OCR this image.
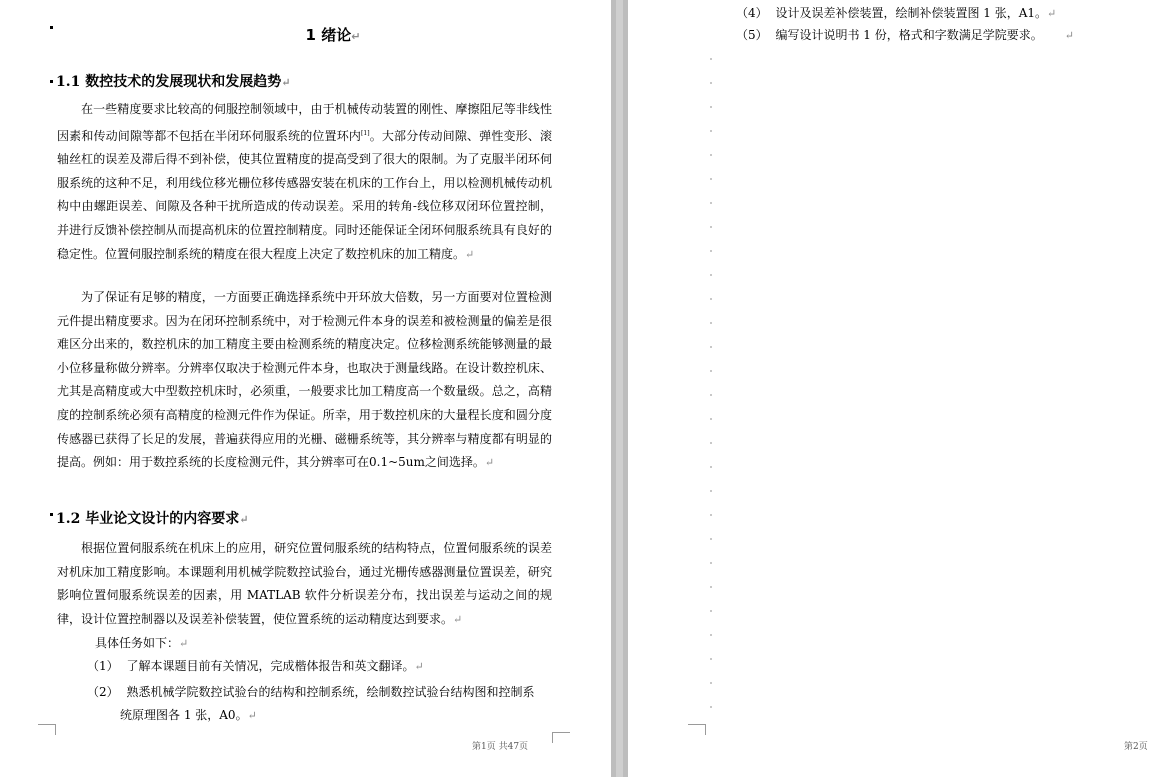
1 绪论↵
1.1 数控技术的发展现状和发展趋势↵

在一些精度要求比较高的伺服控制领域中，由于机械传动装置的刚性、摩擦阻尼等非线性因素和传动间隙等都不包括在半闭环伺服系统的位置环内[1]。大部分传动间隙、弹性变形、滚轴丝杠的误差及滞后得不到补偿，使其位置精度的提高受到了很大的限制。为了克服半闭环伺服系统的这种不足，利用线位移光栅位移传感器安装在机床的工作台上，用以检测机械传动机构中由螺距误差、间隙及各种干扰所造成的传动误差。采用的转角-线位移双闭环位置控制，并进行反馈补偿控制从而提高机床的位置控制精度。同时还能保证全闭环伺服系统具有良好的稳定性。位置伺服控制系统的精度在很大程度上决定了数控机床的加工精度。↵

为了保证有足够的精度，一方面要正确选择系统中开环放大倍数，另一方面要对位置检测元件提出精度要求。因为在闭环控制系统中，对于检测元件本身的误差和被检测量的偏差是很难区分出来的，数控机床的加工精度主要由检测系统的精度决定。位移检测系统能够测量的最小位移量称做分辨率。分辨率仅取决于检测元件本身，也取决于测量线路。在设计数控机床、尤其是高精度或大中型数控机床时，必须重，一般要求比加工精度高一个数量级。总之，高精度的控制系统必须有高精度的检测元件作为保证。所幸，用于数控机床的大量程长度和圆分度传感器已获得了长足的发展，普遍获得应用的光栅、磁栅系统等，其分辨率与精度都有明显的提高。例如：用于数控系统的长度检测元件，其分辨率可在0.1~5um之间选择。↵

1.2 毕业论文设计的内容要求↵

根据位置伺服系统在机床上的应用，研究位置伺服系统的结构特点，位置伺服系统的误差对机床加工精度影响。本课题利用机械学院数控试验台，通过光栅传感器测量位置误差，研究影响位置伺服系统误差的因素，用 MATLAB 软件分析误差分布，找出误差与运动之间的规律，设计位置控制器以及误差补偿装置，使位置系统的运动精度达到要求。↵

具体任务如下：↵
（1） 了解本课题目前有关情况，完成楷体报告和英文翻译。↵
（2） 熟悉机械学院数控试验台的结构和控制系统，绘制数控试验台结构图和控制系
统原理图各 1 张，A0。↵
第1页 共47页
（4） 设计及误差补偿装置，绘制补偿装置图 1 张，A1。↵
（5） 编写设计说明书 1 份，格式和字数满足学院要求。 ↵
第2页
